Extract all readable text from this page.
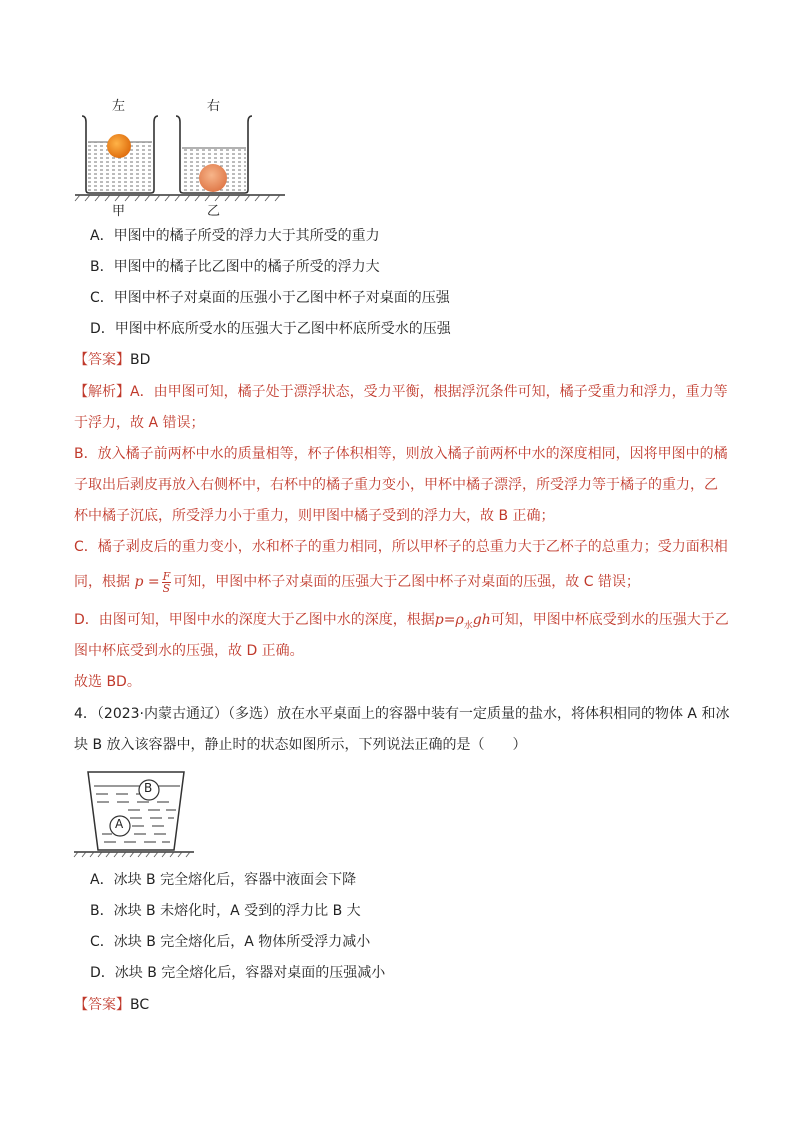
左	右
甲	乙
A．甲图中的橘子所受的浮力大于其所受的重力
B．甲图中的橘子比乙图中的橘子所受的浮力大
C．甲图中杯子对桌面的压强小于乙图中杯子对桌面的压强
D．甲图中杯底所受水的压强大于乙图中杯底所受水的压强
【答案】BD
【解析】A．由甲图可知，橘子处于漂浮状态，受力平衡，根据浮沉条件可知，橘子受重力和浮力，重力等
于浮力，故 A 错误；
B．放入橘子前两杯中水的质量相等，杯子体积相等，则放入橘子前两杯中水的深度相同，因将甲图中的橘
子取出后剥皮再放入右侧杯中，右杯中的橘子重力变小，甲杯中橘子漂浮，所受浮力等于橘子的重力，乙
杯中橘子沉底，所受浮力小于重力，则甲图中橘子受到的浮力大，故 B 正确；
C．橘子剥皮后的重力变小，水和杯子的重力相同，所以甲杯子的总重力大于乙杯子的总重力；受力面积相
同，根据 $p = \frac{F}{S}$ 可知，甲图中杯子对桌面的压强大于乙图中杯子对桌面的压强，故 C 错误；
D．由图可知，甲图中水的深度大于乙图中水的深度，根据$p=\rho_水gh$可知，甲图中杯底受到水的压强大于乙
图中杯底受到水的压强，故 D 正确。
故选 BD。
4．（2023·内蒙古通辽）（多选）放在水平桌面上的容器中装有一定质量的盐水，将体积相同的物体 A 和冰
块 B 放入该容器中，静止时的状态如图所示，下列说法正确的是（　　）
B
A
A．冰块 B 完全熔化后，容器中液面会下降
B．冰块 B 未熔化时，A 受到的浮力比 B 大
C．冰块 B 完全熔化后，A 物体所受浮力减小
D．冰块 B 完全熔化后，容器对桌面的压强减小
【答案】BC
